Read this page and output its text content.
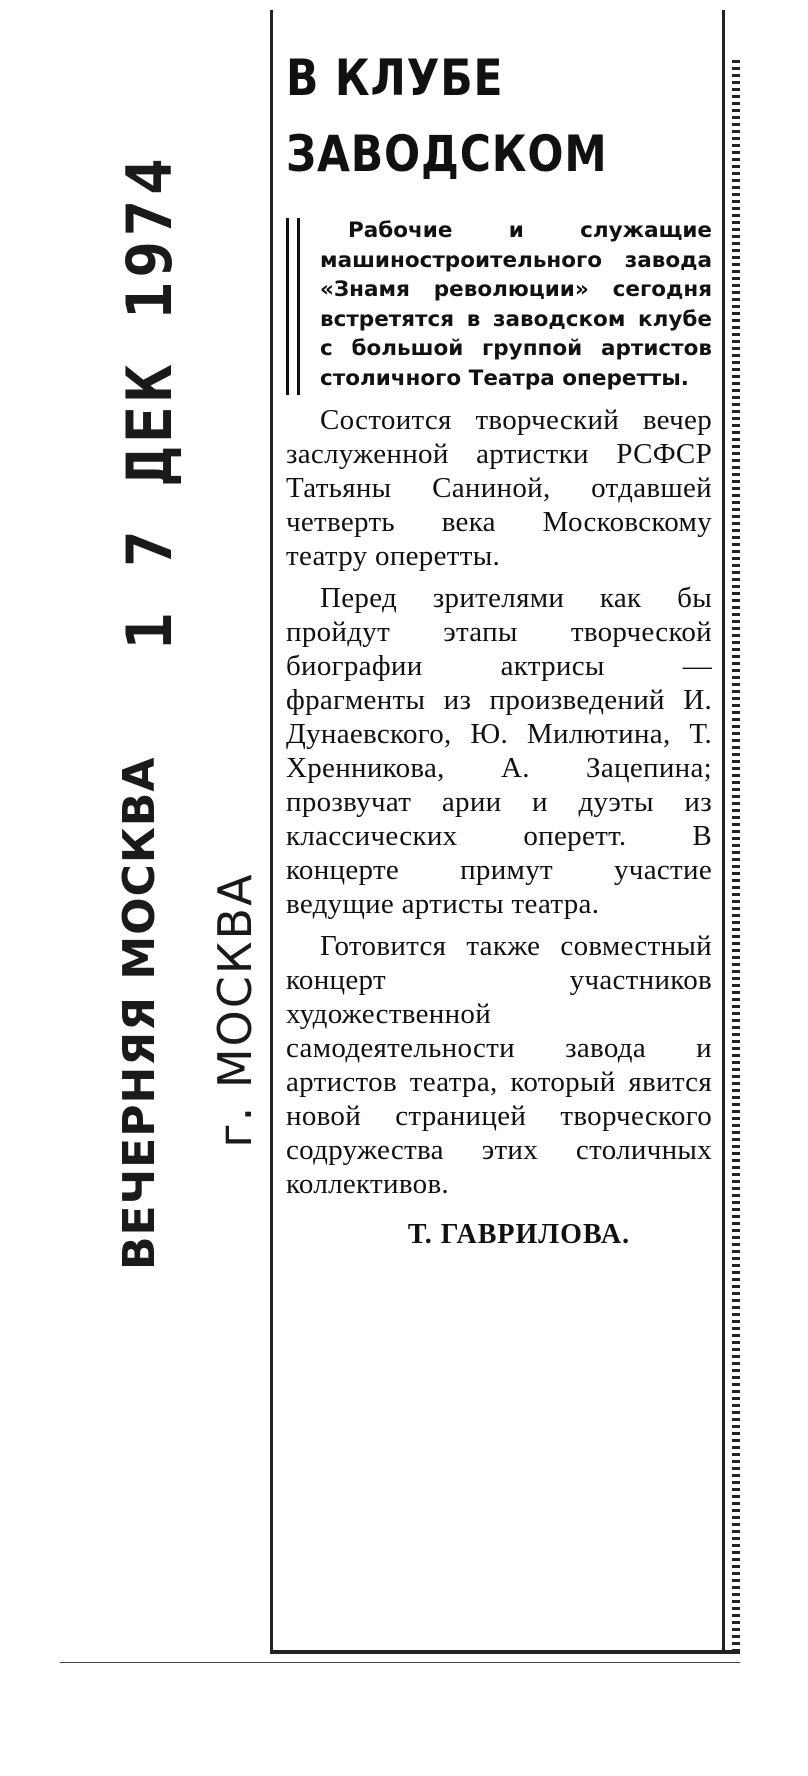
1 7 ДЕК 1974
ВЕЧЕРНЯЯ МОСКВА г. МОСКВА
В КЛУБЕ
ЗАВОДСКОМ

Рабочие и служащие машиностроительного завода «Знамя революции» сегодня встретятся в заводском клубе с большой группой артистов столичного Театра оперетты.

Состоится творческий вечер заслуженной артистки РСФСР Татьяны Саниной, отдавшей четверть века Московскому театру оперетты.

Перед зрителями как бы пройдут этапы творческой биографии актрисы — фрагменты из произведений И. Дунаевского, Ю. Милютина, Т. Хренникова, А. Зацепина; прозвучат арии и дуэты из классических оперетт. В концерте примут участие ведущие артисты театра.

Готовится также совместный концерт участников художественной самодеятельности завода и артистов театра, который явится новой страницей творческого содружества этих столичных коллективов.

Т. ГАВРИЛОВА.
